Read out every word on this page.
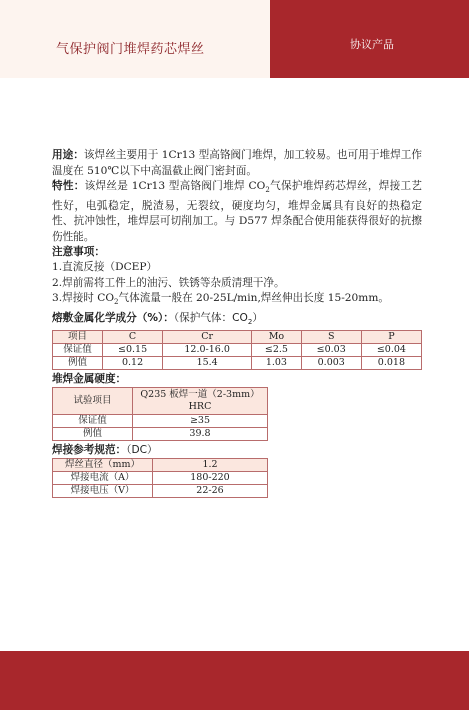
气保护阀门堆焊药芯焊丝	协议产品

用途：该焊丝主要用于 1Cr13 型高铬阀门堆焊，加工较易。也可用于堆焊工作温度在 510℃以下中高温截止阀门密封面。

特性：该焊丝是 1Cr13 型高铬阀门堆焊 $CO_2$气保护堆焊药芯焊丝，焊接工艺性好，电弧稳定，脱渣易，无裂纹，硬度均匀，堆焊金属具有良好的热稳定性、抗冲蚀性，堆焊层可切削加工。与 D577 焊条配合使用能获得很好的抗擦伤性能。

注意事项：
1.直流反接（DCEP）
2.焊前需将工件上的油污、铁锈等杂质清理干净。
3.焊接时 $CO_2$气体流量一般在 20-25L/min,焊丝伸出长度 15-20mm。
熔敷金属化学成分（%）：（保护气体：$CO_2$）
项目	C	Cr	Mo	S	P
保证值	≤0.15	12.0-16.0	≤2.5	≤0.03	≤0.04
例值	0.12	15.4	1.03	0.003	0.018
堆焊金属硬度：
试验项目	Q235 板焊一道（2-3mm）
HRC

保证值	≥35
例值	39.8
焊接参考规范：（DC）
焊丝直径（mm）	1.2
焊接电流（A）	180-220
焊接电压（V）	22-26
